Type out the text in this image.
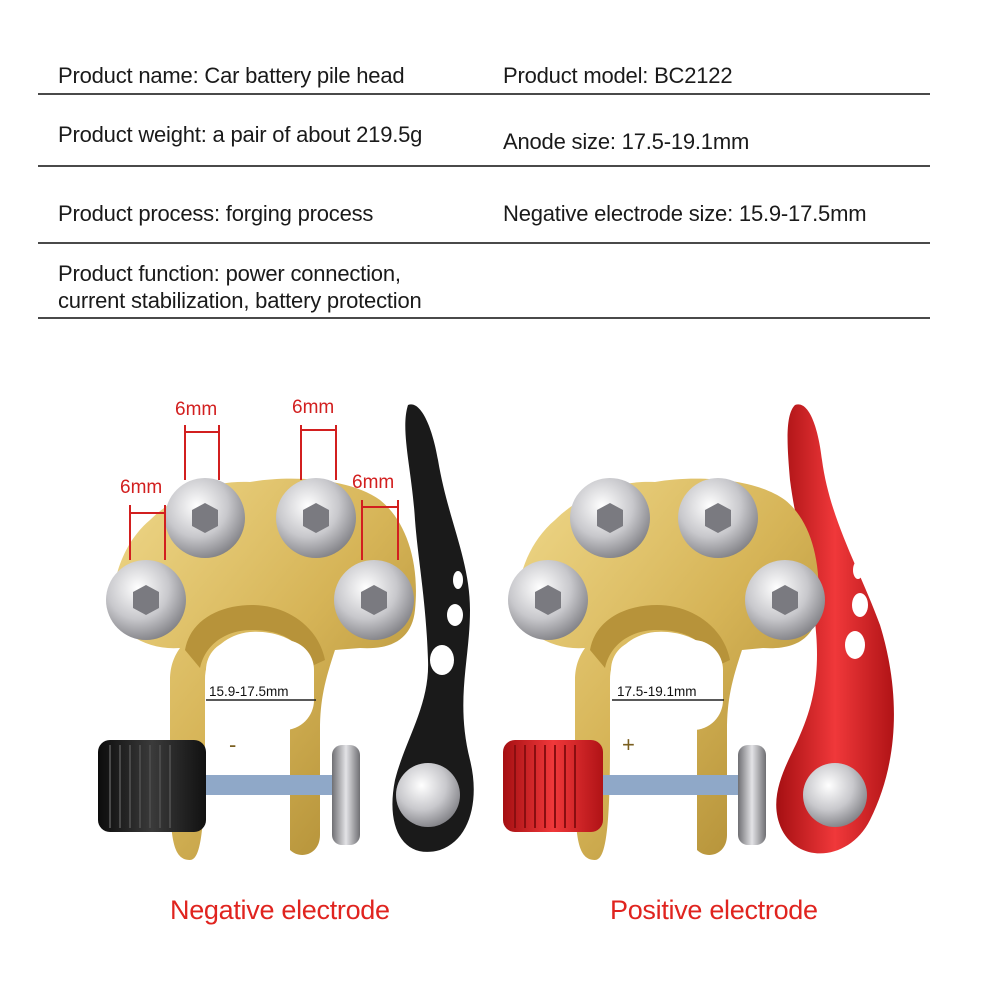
Product name: Car battery pile head	Product model: BC2122
Product weight: a pair of about 219.5g	Anode size: 17.5-19.1mm
Product process: forging process	Negative electrode size: 15.9-17.5mm
Product function: power connection,
current stabilization, battery protection
-
6mm	6mm
6mm	6mm
15.9-17.5mm
+
17.5-19.1mm
Negative electrode	Positive electrode
